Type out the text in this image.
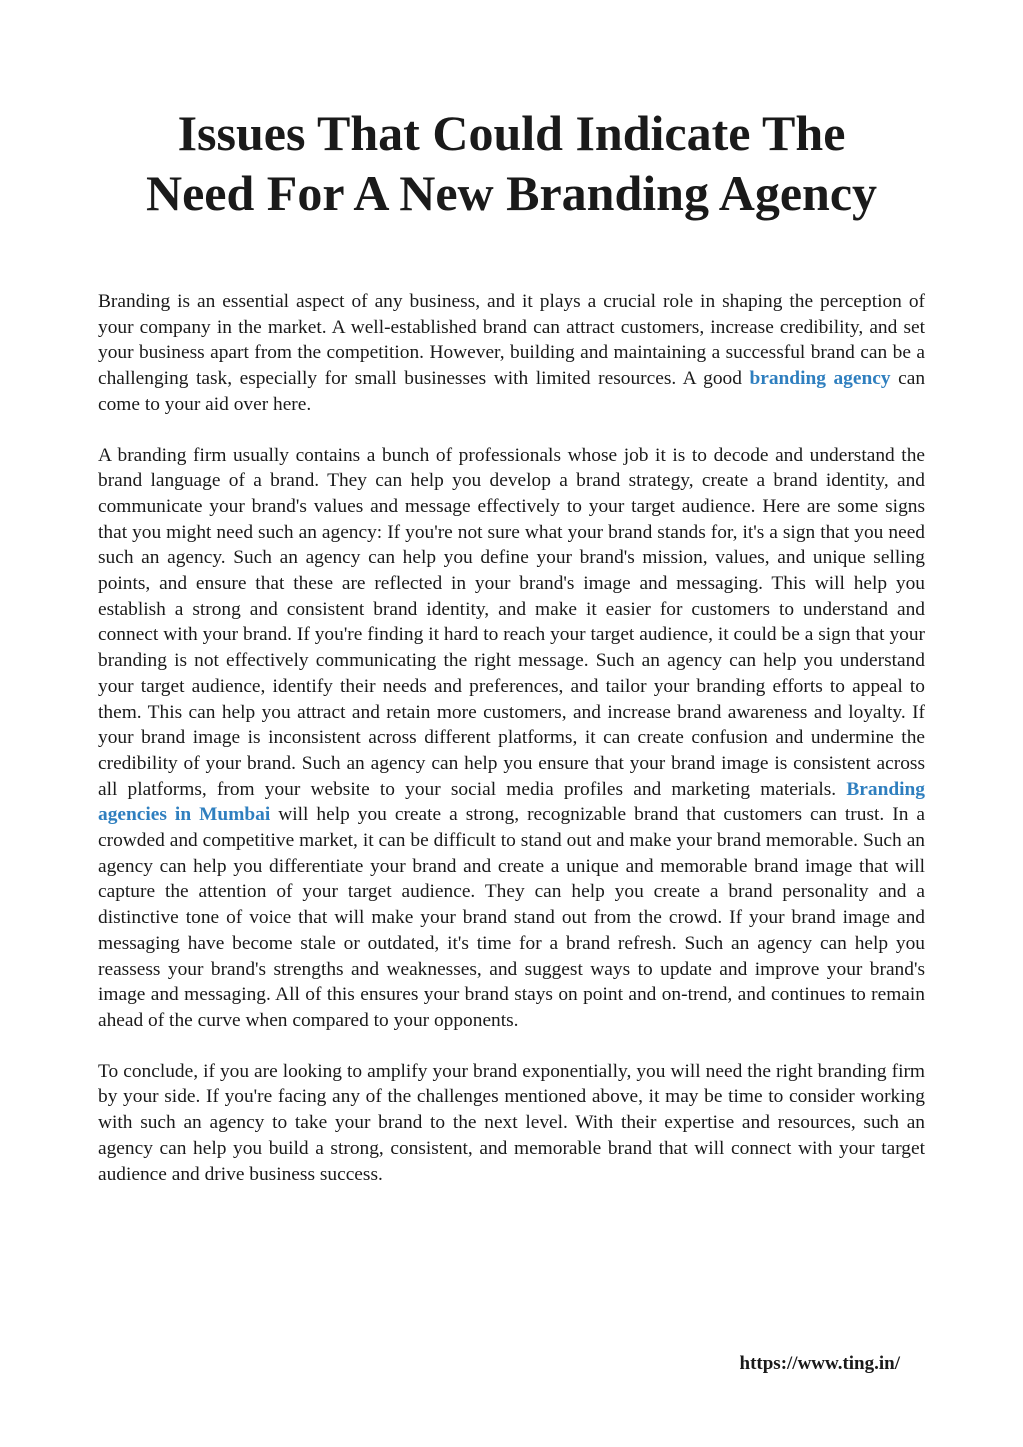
Issues That Could Indicate The
Need For A New Branding Agency

Branding is an essential aspect of any business, and it plays a crucial role in shaping the perception of your company in the market. A well-established brand can attract customers, increase credibility, and set your business apart from the competition. However, building and maintaining a successful brand can be a challenging task, especially for small businesses with limited resources. A good branding agency can come to your aid over here.

A branding firm usually contains a bunch of professionals whose job it is to decode and understand the brand language of a brand. They can help you develop a brand strategy, create a brand identity, and communicate your brand's values and message effectively to your target audience. Here are some signs that you might need such an agency: If you're not sure what your brand stands for, it's a sign that you need such an agency. Such an agency can help you define your brand's mission, values, and unique selling points, and ensure that these are reflected in your brand's image and messaging. This will help you establish a strong and consistent brand identity, and make it easier for customers to understand and connect with your brand. If you're finding it hard to reach your target audience, it could be a sign that your branding is not effectively communicating the right message. Such an agency can help you understand your target audience, identify their needs and preferences, and tailor your branding efforts to appeal to them. This can help you attract and retain more customers, and increase brand awareness and loyalty. If your brand image is inconsistent across different platforms, it can create confusion and undermine the credibility of your brand. Such an agency can help you ensure that your brand image is consistent across all platforms, from your website to your social media profiles and marketing materials. Branding agencies in Mumbai will help you create a strong, recognizable brand that customers can trust. In a crowded and competitive market, it can be difficult to stand out and make your brand memorable. Such an agency can help you differentiate your brand and create a unique and memorable brand image that will capture the attention of your target audience. They can help you create a brand personality and a distinctive tone of voice that will make your brand stand out from the crowd. If your brand image and messaging have become stale or outdated, it's time for a brand refresh. Such an agency can help you reassess your brand's strengths and weaknesses, and suggest ways to update and improve your brand's image and messaging. All of this ensures your brand stays on point and on-trend, and continues to remain ahead of the curve when compared to your opponents.

To conclude, if you are looking to amplify your brand exponentially, you will need the right branding firm by your side. If you're facing any of the challenges mentioned above, it may be time to consider working with such an agency to take your brand to the next level. With their expertise and resources, such an agency can help you build a strong, consistent, and memorable brand that will connect with your target audience and drive business success.

https://www.ting.in/
